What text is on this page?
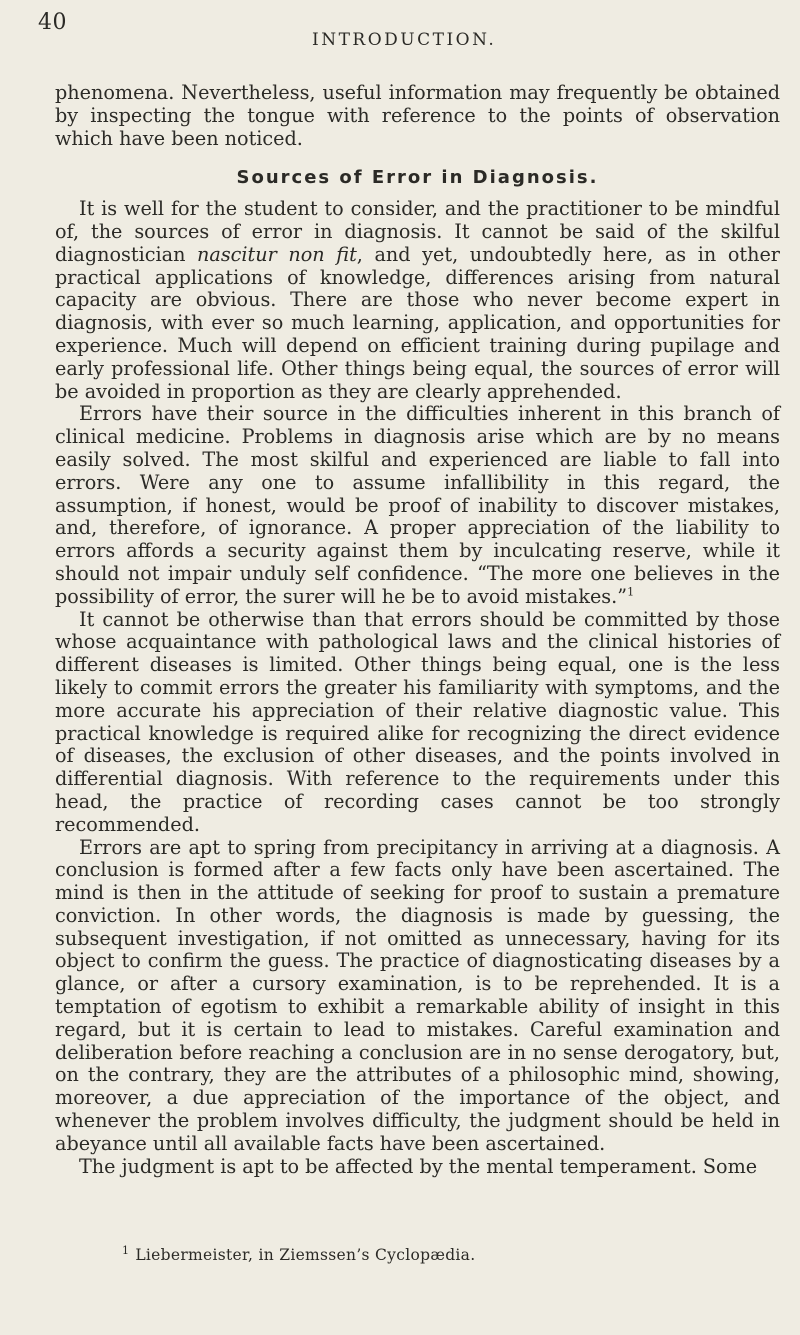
40
INTRODUCTION.

phenomena. Nevertheless, useful information may frequently be obtained by inspecting the tongue with reference to the points of observation which have been noticed.

Sources of Error in Diagnosis.

It is well for the student to consider, and the practitioner to be mindful of, the sources of error in diagnosis. It cannot be said of the skilful diagnostician nascitur non fit, and yet, undoubtedly here, as in other practical applications of knowledge, differences arising from natural capacity are obvious. There are those who never become expert in diagnosis, with ever so much learning, application, and opportunities for experience. Much will depend on efficient training during pupilage and early professional life. Other things being equal, the sources of error will be avoided in proportion as they are clearly apprehended.

Errors have their source in the difficulties inherent in this branch of clinical medicine. Problems in diagnosis arise which are by no means easily solved. The most skilful and experienced are liable to fall into errors. Were any one to assume infallibility in this regard, the assumption, if honest, would be proof of inability to discover mistakes, and, therefore, of ignorance. A proper appreciation of the liability to errors affords a security against them by inculcating reserve, while it should not impair unduly self confidence. “The more one believes in the possibility of error, the surer will he be to avoid mistakes.”$^1$

It cannot be otherwise than that errors should be committed by those whose acquaintance with pathological laws and the clinical histories of different diseases is limited. Other things being equal, one is the less likely to commit errors the greater his familiarity with symptoms, and the more accurate his appreciation of their relative diagnostic value. This practical knowledge is required alike for recognizing the direct evidence of diseases, the exclusion of other diseases, and the points involved in differential diagnosis. With reference to the requirements under this head, the practice of recording cases cannot be too strongly recommended.

Errors are apt to spring from precipitancy in arriving at a diagnosis. A conclusion is formed after a few facts only have been ascertained. The mind is then in the attitude of seeking for proof to sustain a premature conviction. In other words, the diagnosis is made by guessing, the subsequent investigation, if not omitted as unnecessary, having for its object to confirm the guess. The practice of diagnosticating diseases by a glance, or after a cursory examination, is to be reprehended. It is a temptation of egotism to exhibit a remarkable ability of insight in this regard, but it is certain to lead to mistakes. Careful examination and deliberation before reaching a conclusion are in no sense derogatory, but, on the contrary, they are the attributes of a philosophic mind, showing, moreover, a due appreciation of the importance of the object, and whenever the problem involves difficulty, the judgment should be held in abeyance until all available facts have been ascertained.

The judgment is apt to be affected by the mental temperament. Some

$^1$ Liebermeister, in Ziemssen’s Cyclopædia.
